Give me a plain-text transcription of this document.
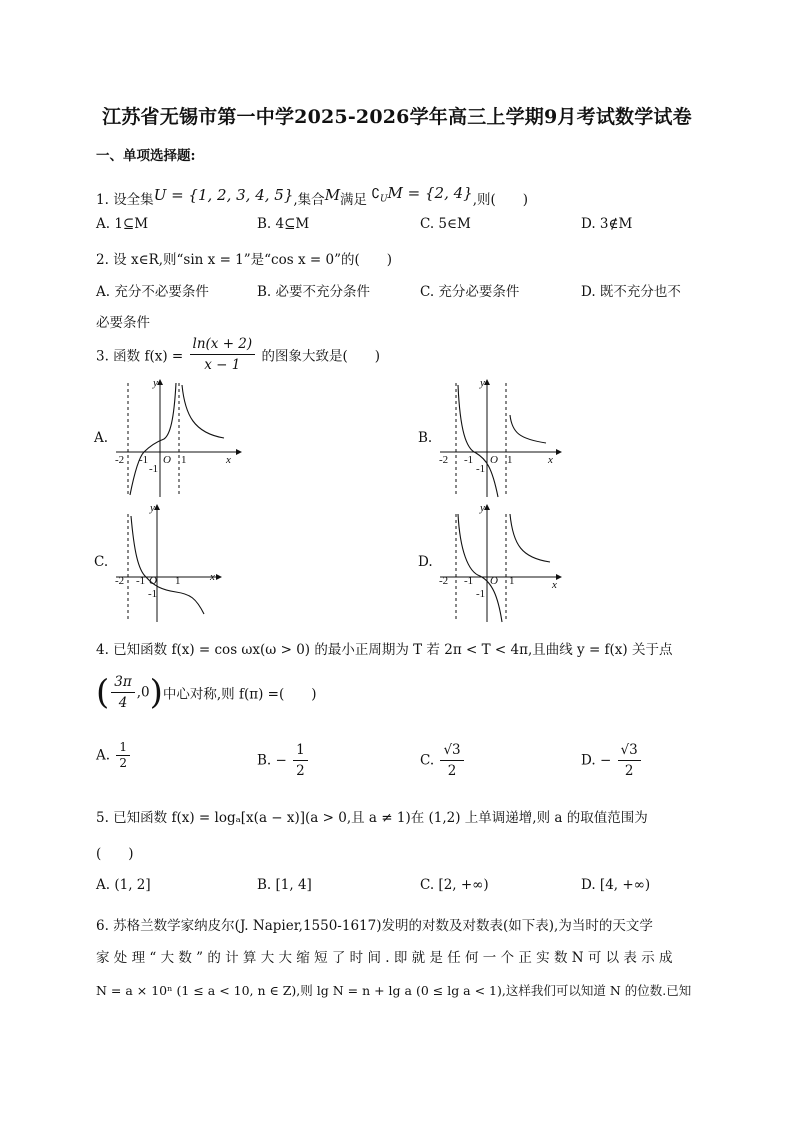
江苏省无锡市第一中学2025-2026学年高三上学期9月考试数学试卷
一、单项选择题:
1. 设全集U = {1, 2, 3, 4, 5},集合M满足 $∁_UM = \{2$, 4},则(　　)
A. 1⊆M	B. 4⊆M	C. 5∈M	D. 3∉M
2. 设 x∈R,则“sin x = 1”是“cos x = 0”的(　　)
A. 充分不必要条件	B. 必要不充分条件	C. 充分必要条件	D. 既不充分也不
必要条件
3. 函数 $f(x) = \frac{\ln(x + 2)}{x - 1}$ 的图象大致是(　　)
A.	B.
C.	D.
y
x
-2 -1 O 1
-1
y
x
-2 -1 O 1
-1
y
x
-2 -1 O 1
-1
y
x
-2 -1 O 1
-1
4. 已知函数 f(x) = cos ωx(ω > 0) 的最小正周期为 T 若 2π < T < 4π,且曲线 y = f(x) 关于点
( $\frac{3\pi}{4} ,0$)中心对称,则 f(π) =(　　)
A. $\frac{1}{2}$	B. − $\frac{1}{2}$	C. $\frac{√3}{2}$	D. − $\frac{√3}{2}$
5. 已知函数 f(x) = logₐ[x(a − x)](a > 0,且 a ≠ 1)在 (1,2) 上单调递增,则 a 的取值范围为
(　　)
A. (1, 2]	B. [1, 4]	C. [2, +∞)	D. [4, +∞)
6. 苏格兰数学家纳皮尔(J. Napier,1550-1617)发明的对数及对数表(如下表),为当时的天文学
家 处 理 “ 大 数 ” 的 计 算 大 大 缩 短 了 时 间 . 即 就 是 任 何 一 个 正 实 数 N 可 以 表 示 成
N = a × 10ⁿ (1 ≤ a < 10, n ∈ Z),则 lg N = n + lg a (0 ≤ lg a < 1),这样我们可以知道 N 的位数.已知
